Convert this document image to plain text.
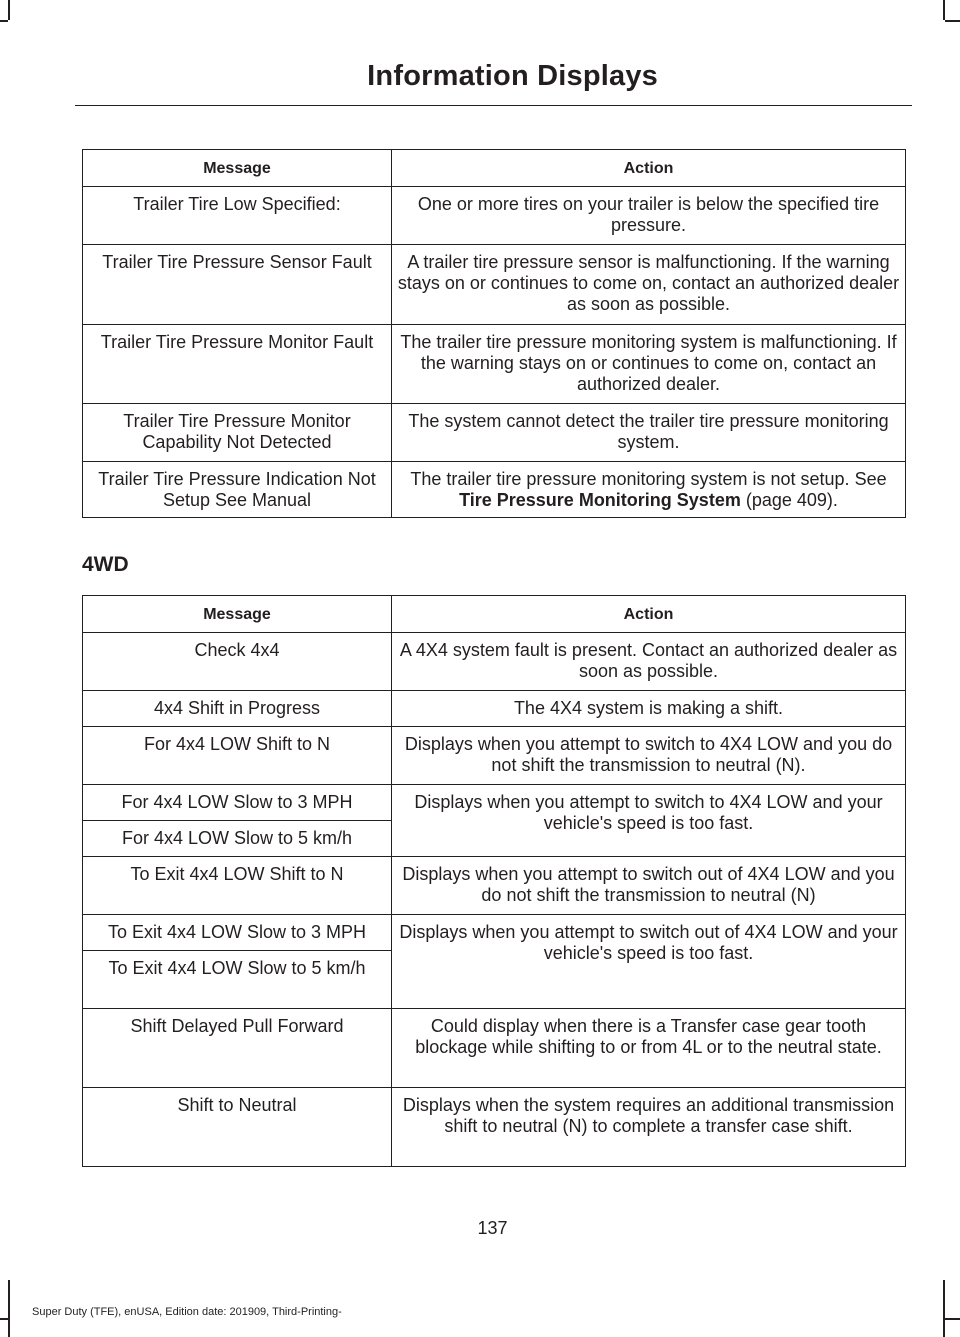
Information Displays
Message	Action
Trailer Tire Low Specified:	One or more tires on your trailer is below the specified tire pressure.
Trailer Tire Pressure Sensor Fault	A trailer tire pressure sensor is malfunctioning. If the warning stays on or continues to come on, contact an authorized dealer as soon as possible.
Trailer Tire Pressure Monitor Fault	The trailer tire pressure monitoring system is malfunctioning. If the warning stays on or continues to come on, contact an authorized dealer.
Trailer Tire Pressure Monitor Capability Not Detected	The system cannot detect the trailer tire pressure monitoring system.
Trailer Tire Pressure Indication Not Setup See Manual	The trailer tire pressure monitoring system is not setup. See Tire Pressure Monitoring System (page 409).
4WD
Message	Action
Check 4x4	A 4X4 system fault is present. Contact an authorized dealer as soon as possible.
4x4 Shift in Progress	The 4X4 system is making a shift.
For 4x4 LOW Shift to N	Displays when you attempt to switch to 4X4 LOW and you do not shift the transmission to neutral (N).
For 4x4 LOW Slow to 3 MPH	Displays when you attempt to switch to 4X4 LOW and your vehicle's speed is too fast.
For 4x4 LOW Slow to 5 km/h	
To Exit 4x4 LOW Shift to N	Displays when you attempt to switch out of 4X4 LOW and you do not shift the transmission to neutral (N)
To Exit 4x4 LOW Slow to 3 MPH	Displays when you attempt to switch out of 4X4 LOW and your vehicle's speed is too fast.
To Exit 4x4 LOW Slow to 5 km/h	
Shift Delayed Pull Forward	Could display when there is a Transfer case gear tooth blockage while shifting to or from 4L or to the neutral state.
Shift to Neutral	Displays when the system requires an additional transmission shift to neutral (N) to complete a transfer case shift.
137
Super Duty (TFE), enUSA, Edition date: 201909, Third-Printing-
